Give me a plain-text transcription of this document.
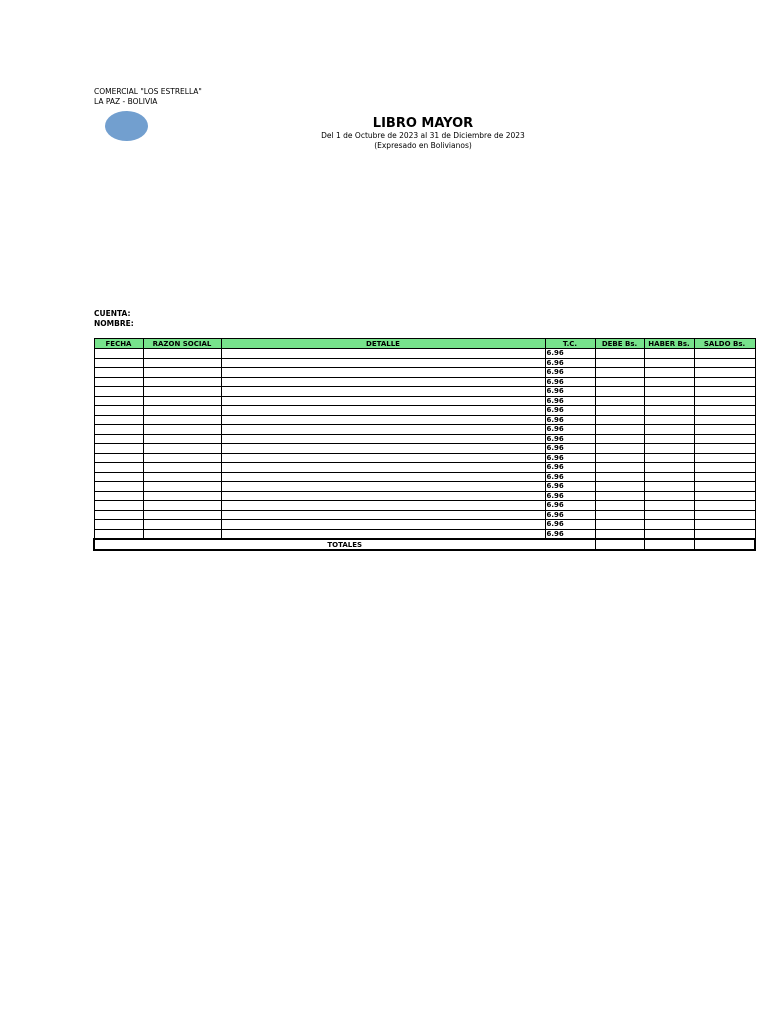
COMERCIAL "LOS ESTRELLA"
LA PAZ - BOLIVIA
LIBRO MAYOR
Del 1 de Octubre de 2023 al 31 de Diciembre de 2023
(Expresado en Bolivianos)
CUENTA:
NOMBRE:
FECHA	RAZON SOCIAL	DETALLE	T.C.	DEBE Bs.	HABER Bs.	SALDO Bs.
			6.96			
			6.96			
			6.96			
			6.96			
			6.96			
			6.96			
			6.96			
			6.96			
			6.96			
			6.96			
			6.96			
			6.96			
			6.96			
			6.96			
			6.96			
			6.96			
			6.96			
			6.96			
			6.96			
			6.96			
TOTALES						
